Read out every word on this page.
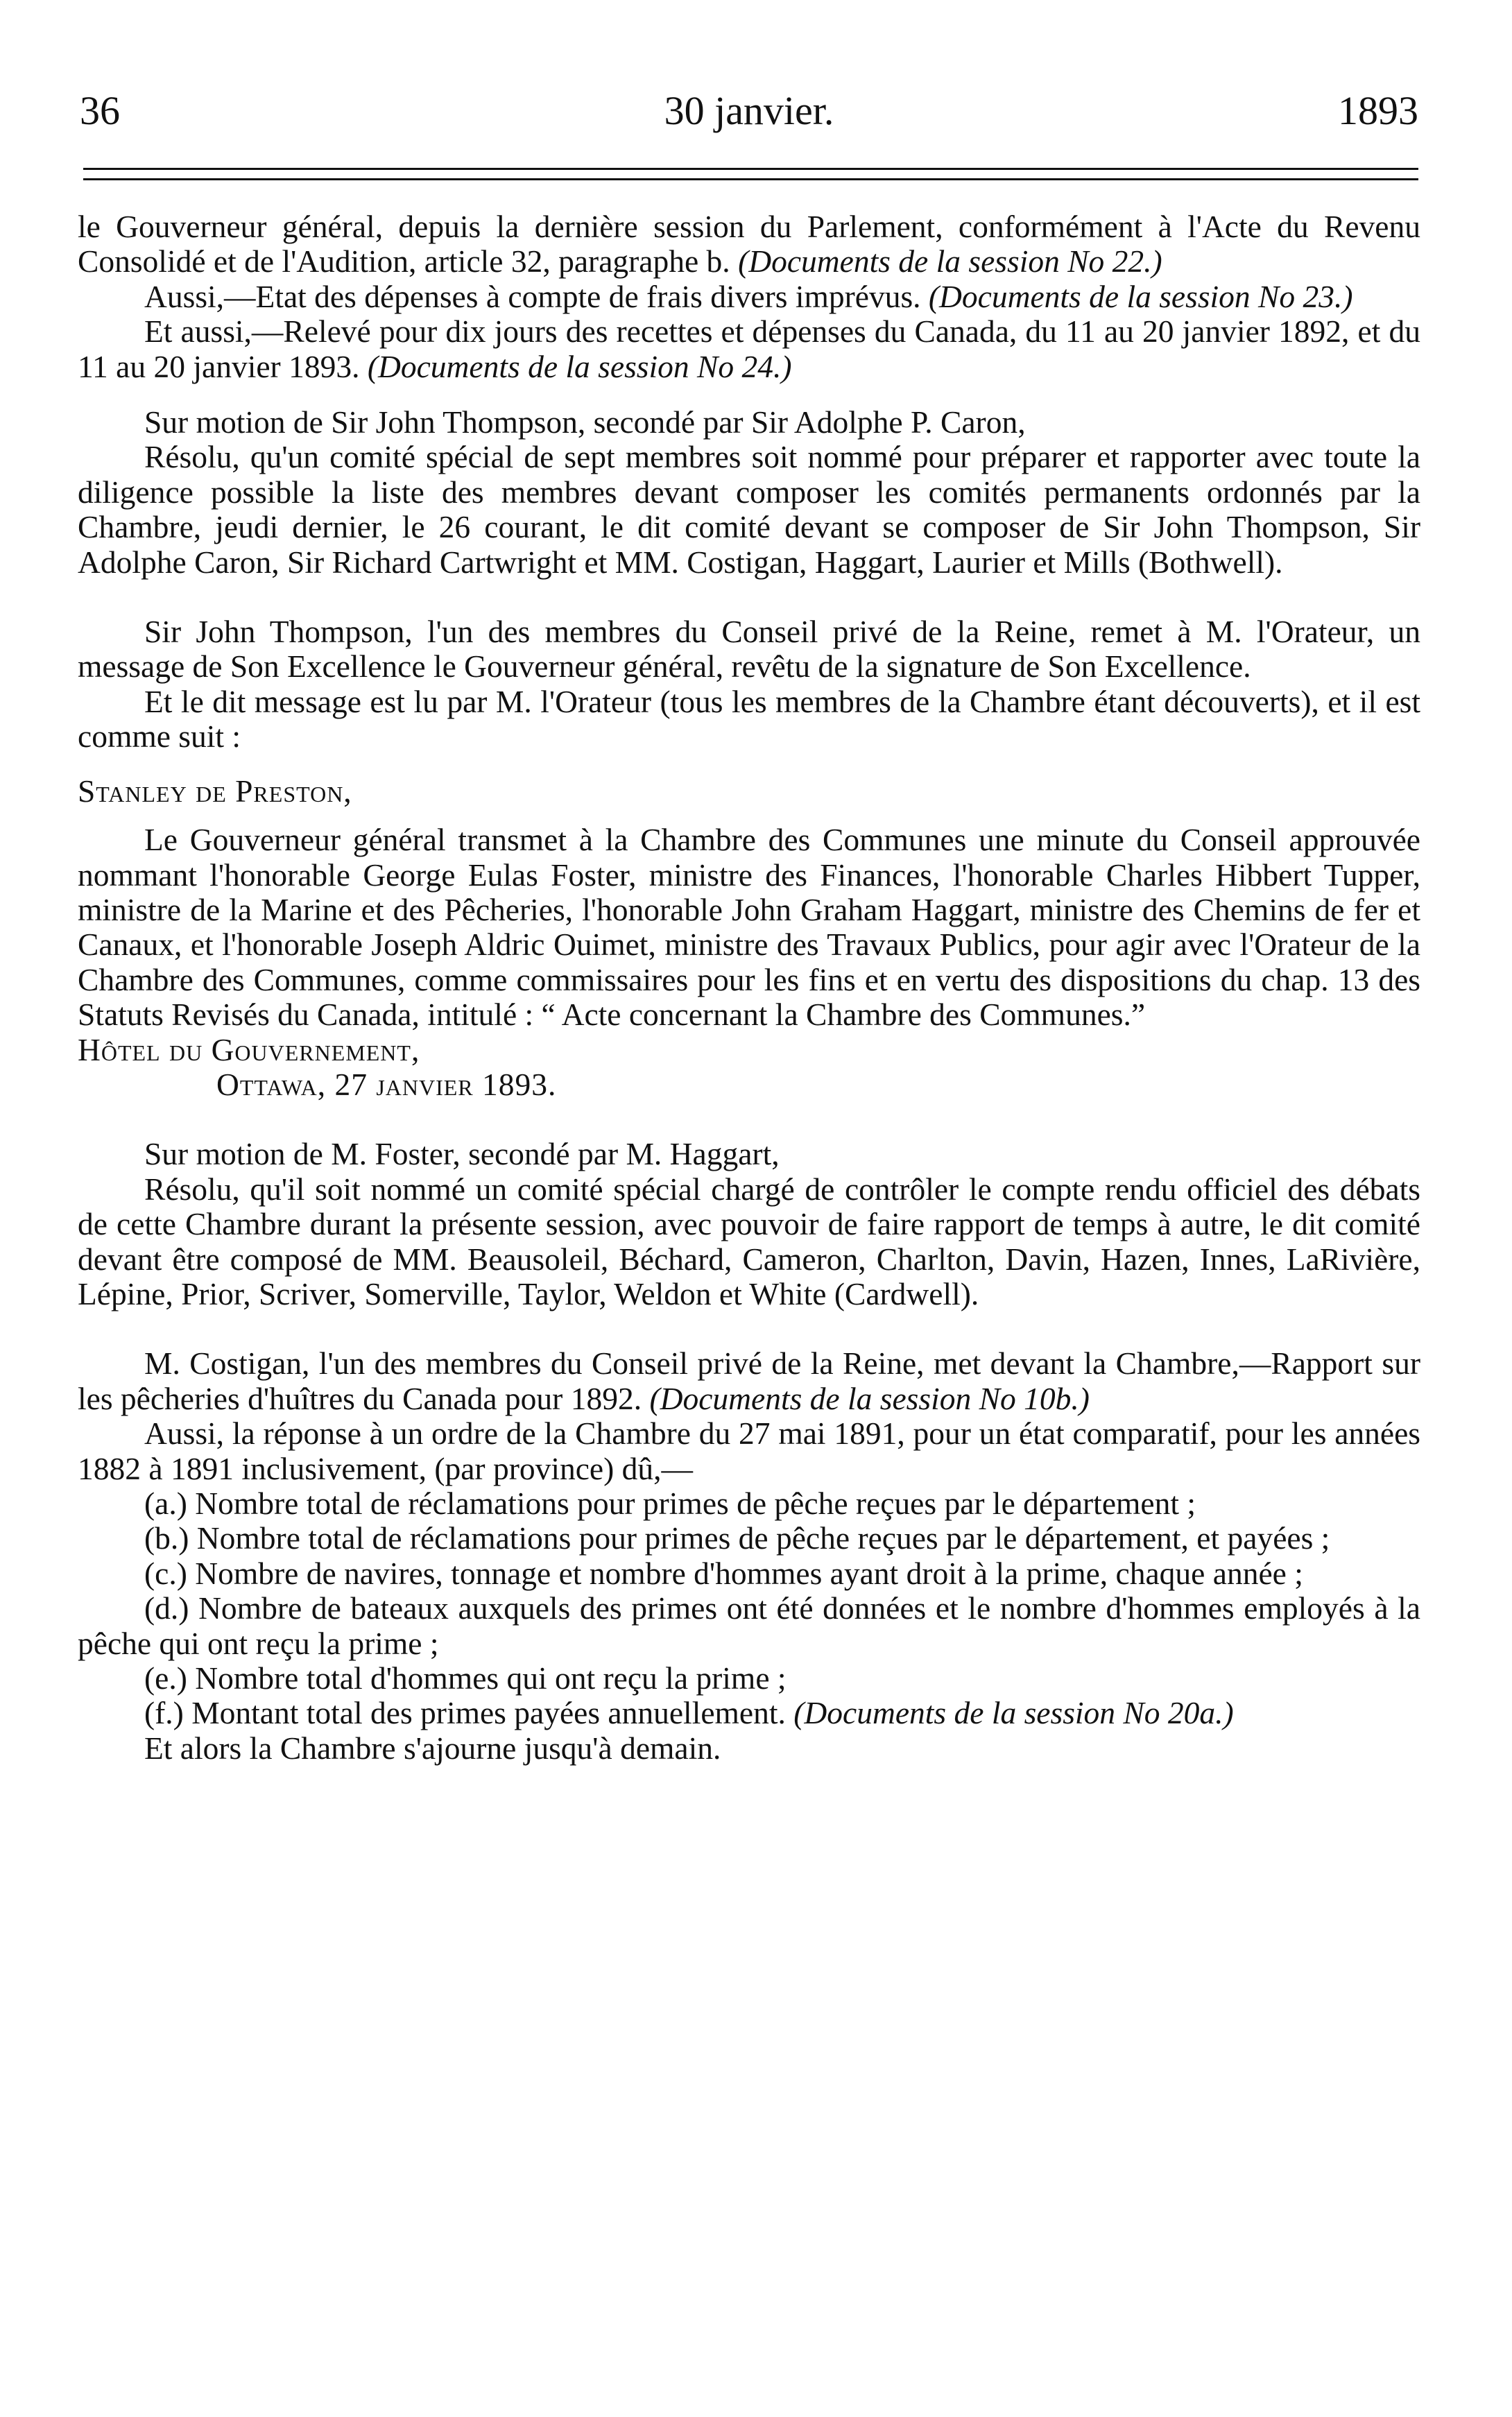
36	30 janvier.	1893

le Gouverneur général, depuis la dernière session du Parlement, conformément à l'Acte du Revenu Consolidé et de l'Audition, article 32, paragraphe b. (Documents de la session No 22.)

Aussi,—Etat des dépenses à compte de frais divers imprévus. (Documents de la session No 23.)

Et aussi,—Relevé pour dix jours des recettes et dépenses du Canada, du 11 au 20 janvier 1892, et du 11 au 20 janvier 1893. (Documents de la session No 24.)

Sur motion de Sir John Thompson, secondé par Sir Adolphe P. Caron,

Résolu, qu'un comité spécial de sept membres soit nommé pour préparer et rapporter avec toute la diligence possible la liste des membres devant composer les comités permanents ordonnés par la Chambre, jeudi dernier, le 26 courant, le dit comité devant se composer de Sir John Thompson, Sir Adolphe Caron, Sir Richard Cartwright et MM. Costigan, Haggart, Laurier et Mills (Bothwell).

Sir John Thompson, l'un des membres du Conseil privé de la Reine, remet à M. l'Orateur, un message de Son Excellence le Gouverneur général, revêtu de la signature de Son Excellence.

Et le dit message est lu par M. l'Orateur (tous les membres de la Chambre étant découverts), et il est comme suit :

Stanley de Preston,

Le Gouverneur général transmet à la Chambre des Communes une minute du Conseil approuvée nommant l'honorable George Eulas Foster, ministre des Finances, l'honorable Charles Hibbert Tupper, ministre de la Marine et des Pêcheries, l'honorable John Graham Haggart, ministre des Chemins de fer et Canaux, et l'honorable Joseph Aldric Ouimet, ministre des Travaux Publics, pour agir avec l'Orateur de la Chambre des Communes, comme commissaires pour les fins et en vertu des dispositions du chap. 13 des Statuts Revisés du Canada, intitulé : “ Acte concernant la Chambre des Communes.”

Hôtel du Gouvernement,

Ottawa, 27 janvier 1893.

Sur motion de M. Foster, secondé par M. Haggart,

Résolu, qu'il soit nommé un comité spécial chargé de contrôler le compte rendu officiel des débats de cette Chambre durant la présente session, avec pouvoir de faire rapport de temps à autre, le dit comité devant être composé de MM. Beausoleil, Béchard, Cameron, Charlton, Davin, Hazen, Innes, LaRivière, Lépine, Prior, Scriver, Somerville, Taylor, Weldon et White (Cardwell).

M. Costigan, l'un des membres du Conseil privé de la Reine, met devant la Chambre,—Rapport sur les pêcheries d'huîtres du Canada pour 1892. (Documents de la session No 10b.)

Aussi, la réponse à un ordre de la Chambre du 27 mai 1891, pour un état comparatif, pour les années 1882 à 1891 inclusivement, (par province) dû,—

(a.) Nombre total de réclamations pour primes de pêche reçues par le département ;

(b.) Nombre total de réclamations pour primes de pêche reçues par le département, et payées ;

(c.) Nombre de navires, tonnage et nombre d'hommes ayant droit à la prime, chaque année ;

(d.) Nombre de bateaux auxquels des primes ont été données et le nombre d'hommes employés à la pêche qui ont reçu la prime ;

(e.) Nombre total d'hommes qui ont reçu la prime ;

(f.) Montant total des primes payées annuellement. (Documents de la session No 20a.)

Et alors la Chambre s'ajourne jusqu'à demain.
